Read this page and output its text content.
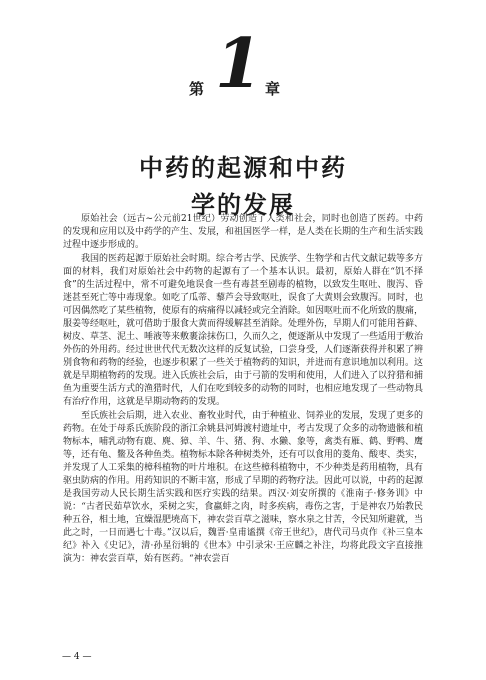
第 1 章
中药的起源和中药
学的发展

原始社会（远古~公元前21世纪）劳动创造了人类和社会，同时也创造了医药。中药的发现和应用以及中药学的产生、发展，和祖国医学一样，是人类在长期的生产和生活实践过程中逐步形成的。

我国的医药起源于原始社会时期。综合考古学、民族学、生物学和古代文献记载等多方面的材料，我们对原始社会中药物的起源有了一个基本认识。最初，原始人群在“饥不择食”的生活过程中，常不可避免地误食一些有毒甚至剧毒的植物，以致发生呕吐、腹泻、昏迷甚至死亡等中毒现象。如吃了瓜蒂、藜芦会导致呕吐，误食了大黄则会致腹泻。同时，也可因偶然吃了某些植物，使原有的病痛得以减轻或完全消除。如因呕吐而不化所致的腹痛，服姜等经呕吐，就可借助于服食大黄而得缓解甚至消除。处理外伤，早期人们可能用苔藓、树皮、草茎、泥土、唾液等来敷裹涂抹伤口，久而久之，便逐渐从中发现了一些适用于敷治外伤的外用药。经过世世代代无数次这样的反复试验，口尝身受，人们逐渐获得并积累了辨别食物和药物的经验，也逐步积累了一些关于植物药的知识，并进而有意识地加以利用。这就是早期植物药的发现。进入氏族社会后，由于弓箭的发明和使用，人们进入了以狩猎和捕鱼为重要生活方式的渔猎时代，人们在吃到较多的动物的同时，也相应地发现了一些动物具有治疗作用，这就是早期动物药的发现。

至氏族社会后期，进入农业、畜牧业时代，由于种植业、饲养业的发展，发现了更多的药物。在处于母系氏族阶段的浙江余姚县河姆渡村遗址中，考古发现了众多的动物遗骸和植物标本，哺乳动物有鹿、麂、獐、羊、牛、猪、狗、水獭、象等，禽类有雁、鹤、野鸭、鹰等，还有龟、鳖及各种鱼类。植物标本除各种树类外，还有可以食用的菱角、酸枣、类实，并发现了人工采集的樟科植物的叶片堆积。在这些樟科植物中，不少种类是药用植物，具有驱虫防病的作用。用药知识的不断丰富，形成了早期的药物疗法。因此可以说，中药的起源是我国劳动人民长期生活实践和医疗实践的结果。西汉·刘安所撰的《淮南子·修务训》中说：“古者民茹草饮水，采树之实，食蠃蚌之肉，时多疾病，毒伤之害，于是神农乃始教民种五谷，相土地，宜燥湿肥墝高下，神农尝百草之滋味，察水泉之甘苦，令民知所避就，当此之时，一日而遇七十毒。”汉以后，魏晋·皇甫谧撰《帝王世纪》，唐代司马贞作《补三皇本纪》补入《史记》，清·孙星衍辑的《世本》中引录宋·王应麟之补注，均将此段文字直接推演为：神农尝百草，始有医药。“神农尝百

— 4 —
